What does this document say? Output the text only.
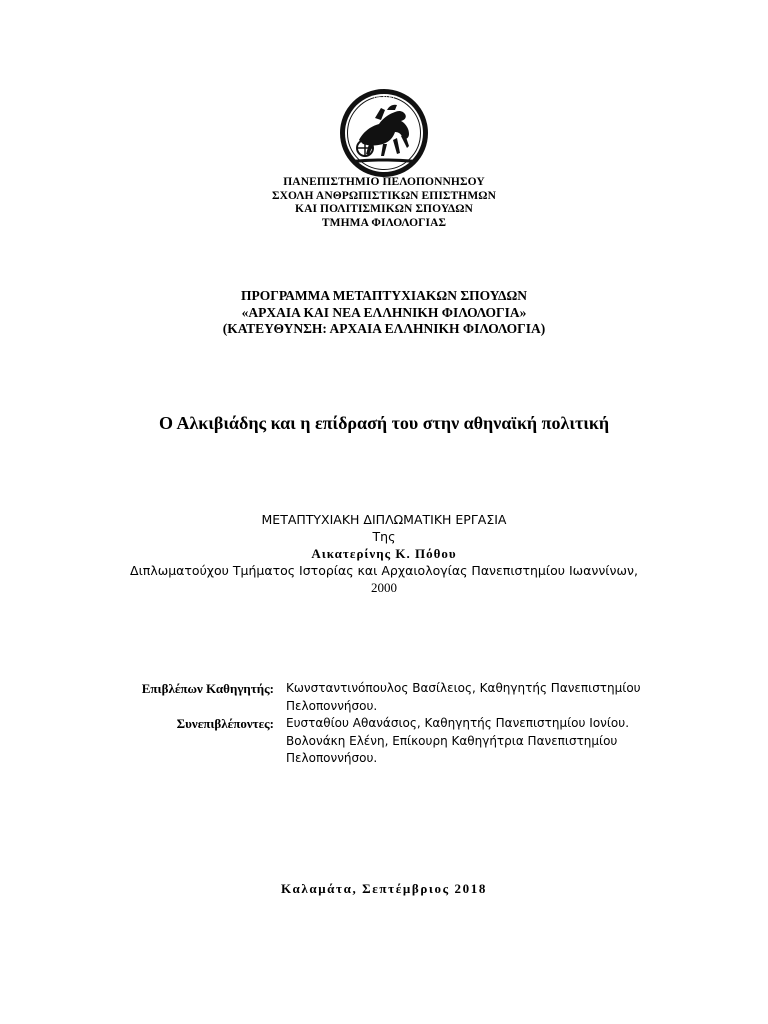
ΠΕΛΟΠ
ΠΑΝΕΠΙΣΤΗΜΙΟ ΠΕΛΟΠΟΝΝΗΣΟΥ
ΣΧΟΛΗ ΑΝΘΡΩΠΙΣΤΙΚΩΝ ΕΠΙΣΤΗΜΩΝ
ΚΑΙ ΠΟΛΙΤΙΣΜΙΚΩΝ ΣΠΟΥΔΩΝ
ΤΜΗΜΑ ΦΙΛΟΛΟΓΙΑΣ
ΠΡΟΓΡΑΜΜΑ ΜΕΤΑΠΤΥΧΙΑΚΩΝ ΣΠΟΥΔΩΝ
«ΑΡΧΑΙΑ ΚΑΙ ΝΕΑ ΕΛΛΗΝΙΚΗ ΦΙΛΟΛΟΓΙΑ»
(ΚΑΤΕΥΘΥΝΣΗ: ΑΡΧΑΙΑ ΕΛΛΗΝΙΚΗ ΦΙΛΟΛΟΓΙΑ)
Ο Αλκιβιάδης και η επίδρασή του στην αθηναϊκή πολιτική
ΜΕΤΑΠΤΥΧΙΑΚΗ ΔΙΠΛΩΜΑΤΙΚΗ ΕΡΓΑΣΙΑ
Της
Αικατερίνης Κ. Πόθου
Διπλωματούχου Τμήματος Ιστορίας και Αρχαιολογίας Πανεπιστημίου Ιωαννίνων,
2000
Επιβλέπων Καθηγητής:	Κωνσταντινόπουλος Βασίλειος, Καθηγητής Πανεπιστημίου
Πελοποννήσου.
Συνεπιβλέποντες:	Ευσταθίου Αθανάσιος, Καθηγητής Πανεπιστημίου Ιονίου.
Βολονάκη Ελένη, Επίκουρη Καθηγήτρια Πανεπιστημίου
Πελοποννήσου.
Καλαμάτα, Σεπτέμβριος 2018
